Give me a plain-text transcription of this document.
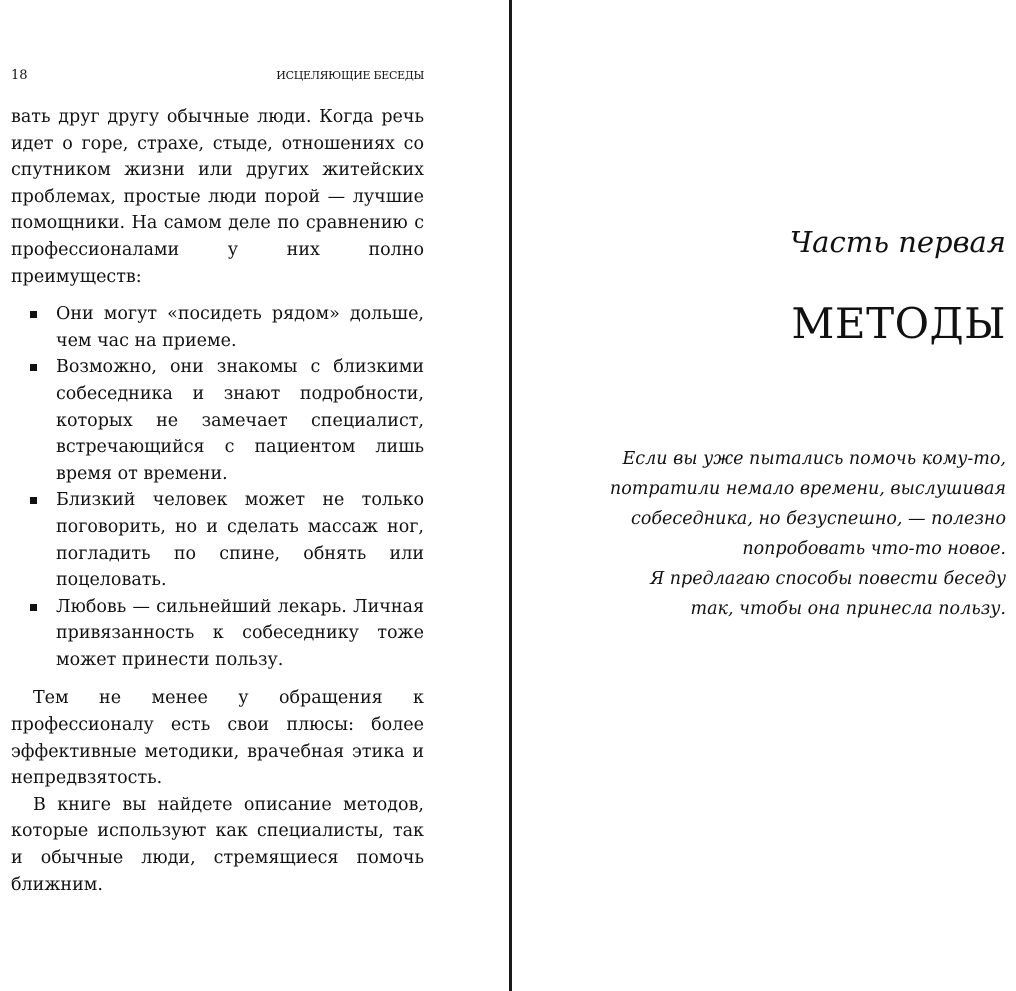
18	ИСЦЕЛЯЮЩИЕ БЕСЕДЫ

вать друг другу обычные люди. Когда речь идет о горе, страхе, стыде, отношениях со спутником жизни или других житейских проблемах, простые люди порой — лучшие помощники. На самом деле по сравнению с профессионалами у них полно преимуществ:

Они могут «посидеть рядом» дольше, чем час на приеме.
Возможно, они знакомы с близкими собеседника и знают подробности, которых не замечает специалист, встречающийся с пациентом лишь время от времени.
Близкий человек может не только поговорить, но и сделать массаж ног, погладить по спине, обнять или поцеловать.
Любовь — сильнейший лекарь. Личная привязанность к собеседнику тоже может принести пользу.

Тем не менее у обращения к профессионалу есть свои плюсы: более эффективные методики, врачебная этика и непредвзятость.

В книге вы найдете описание методов, которые используют как специалисты, так и обычные люди, стремящиеся помочь ближним.

Часть первая
МЕТОДЫ
Если вы уже пытались помочь кому-то,
потратили немало времени, выслушивая
собеседника, но безуспешно, — полезно
попробовать что-то новое.
Я предлагаю способы повести беседу
так, чтобы она принесла пользу.
